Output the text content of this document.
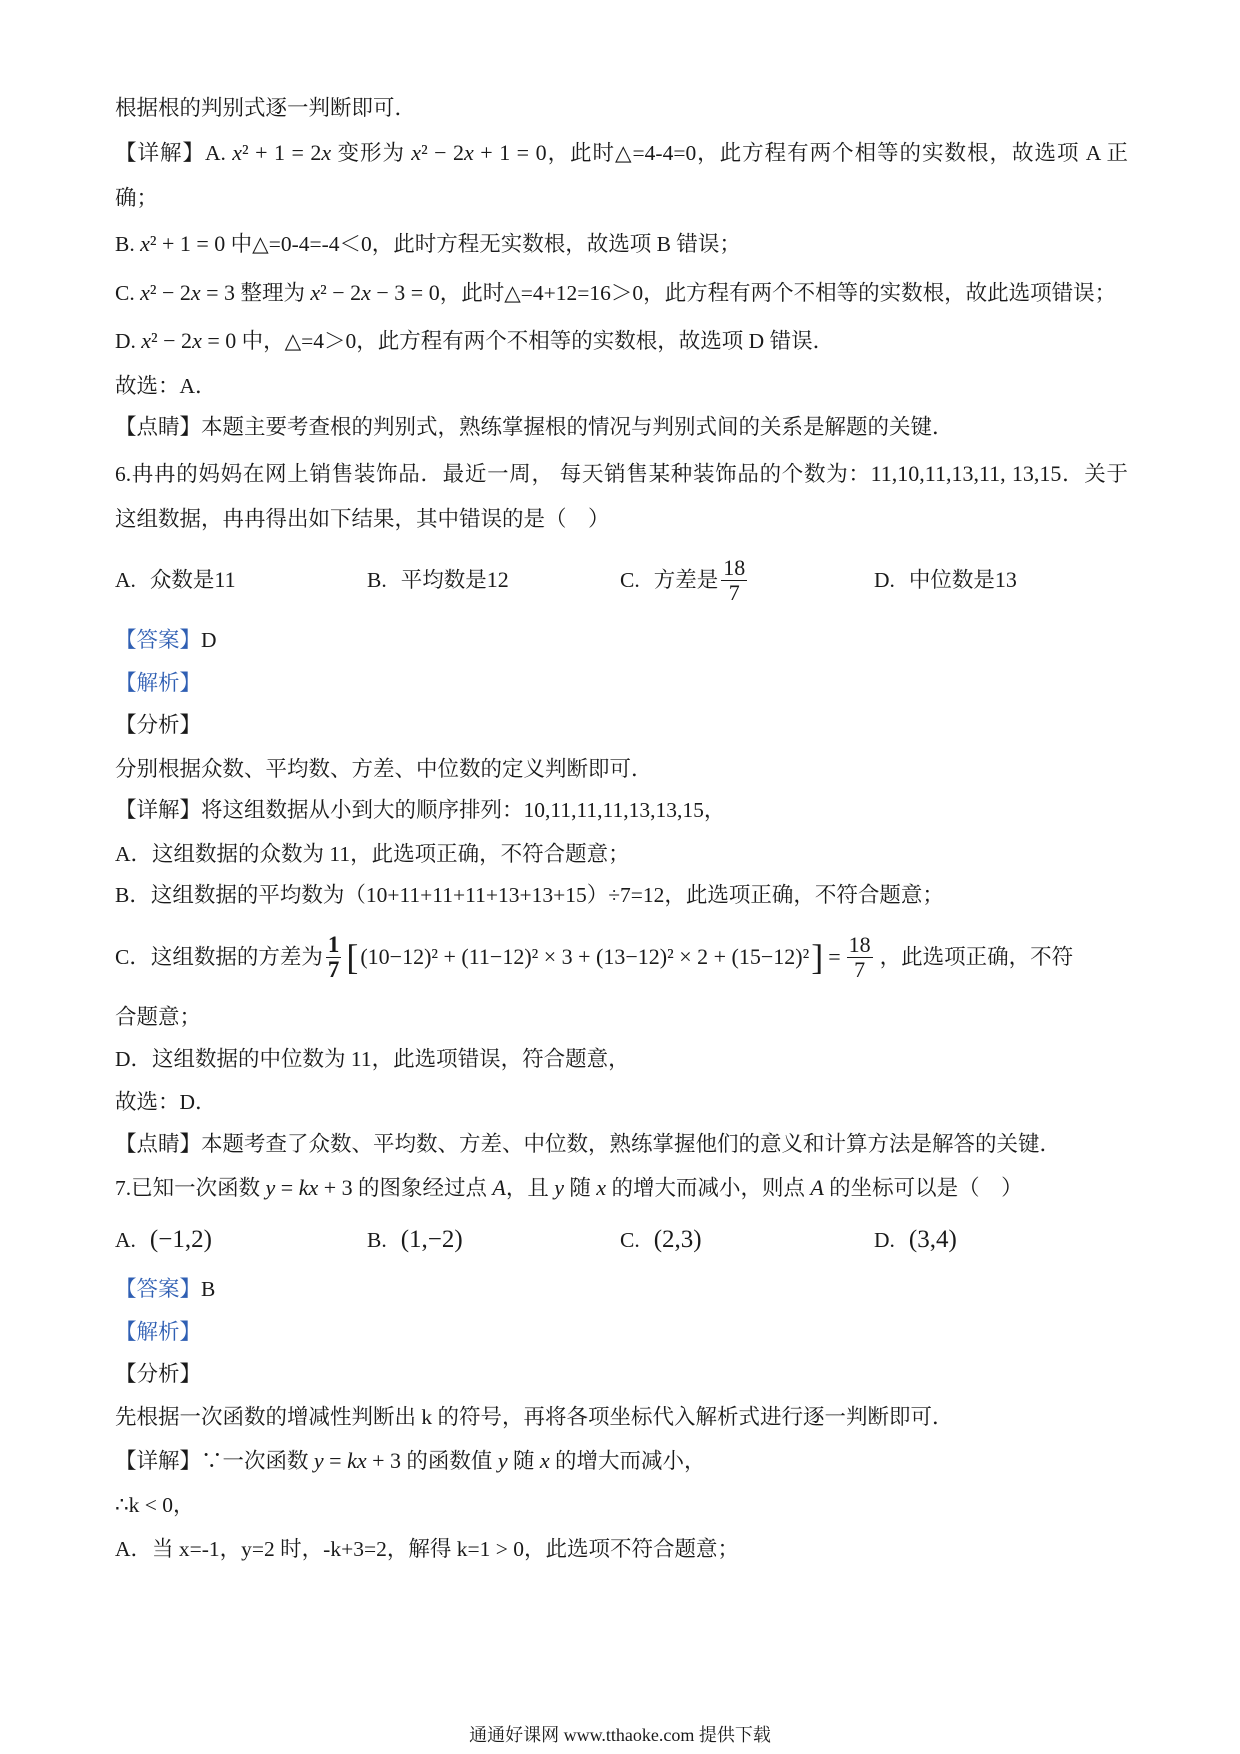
根据根的判别式逐一判断即可．
【详解】A. x² + 1 = 2x 变形为 x² − 2x + 1 = 0，此时△=4-4=0，此方程有两个相等的实数根，故选项 A 正
确；
B. x² + 1 = 0 中△=0-4=-4＜0，此时方程无实数根，故选项 B 错误；
C. x² − 2x = 3 整理为 x² − 2x − 3 = 0，此时△=4+12=16＞0，此方程有两个不相等的实数根，故此选项错误；
D. x² − 2x = 0 中，△=4＞0，此方程有两个不相等的实数根，故选项 D 错误．
故选：A．
【点睛】本题主要考查根的判别式，熟练掌握根的情况与判别式间的关系是解题的关键．
6.冉冉的妈妈在网上销售装饰品．最近一周， 每天销售某种装饰品的个数为：11,10,11,13,11, 13,15．关于
这组数据，冉冉得出如下结果，其中错误的是（　）
A. 众数是 11	B. 平均数是 12	C. 方差是 $\frac{18}{7}$	D. 中位数是 13
【答案】D
【解析】
【分析】
分别根据众数、平均数、方差、中位数的定义判断即可．
【详解】将这组数据从小到大的顺序排列：10,11,11,11,13,13,15，
A．这组数据的众数为 11，此选项正确，不符合题意；
B．这组数据的平均数为（10+11+11+11+13+13+15）÷7=12，此选项正确，不符合题意；
C．这组数据的方差为 $\frac{1}{7}$ [ (10−12)² + (11−12)² × 3 + (13−12)² × 2 + (15−12)² ] = $\frac{18}{7}$ ，此选项正确，不符
合题意；
D．这组数据的中位数为 11，此选项错误，符合题意，
故选：D．
【点睛】本题考查了众数、平均数、方差、中位数，熟练掌握他们的意义和计算方法是解答的关键．
7.已知一次函数 y = kx + 3 的图象经过点 A，且 y 随 x 的增大而减小，则点 A 的坐标可以是（　）
A. (−1,2)	B. (1,−2)	C. (2,3)	D. (3,4)
【答案】B
【解析】
【分析】
先根据一次函数的增减性判断出 k 的符号，再将各项坐标代入解析式进行逐一判断即可．
【详解】∵一次函数 y = kx + 3 的函数值 y 随 x 的增大而减小，
∴k < 0，
A．当 x=-1，y=2 时，-k+3=2，解得 k=1 > 0，此选项不符合题意；
通通好课网 www.tthaoke.com 提供下载
